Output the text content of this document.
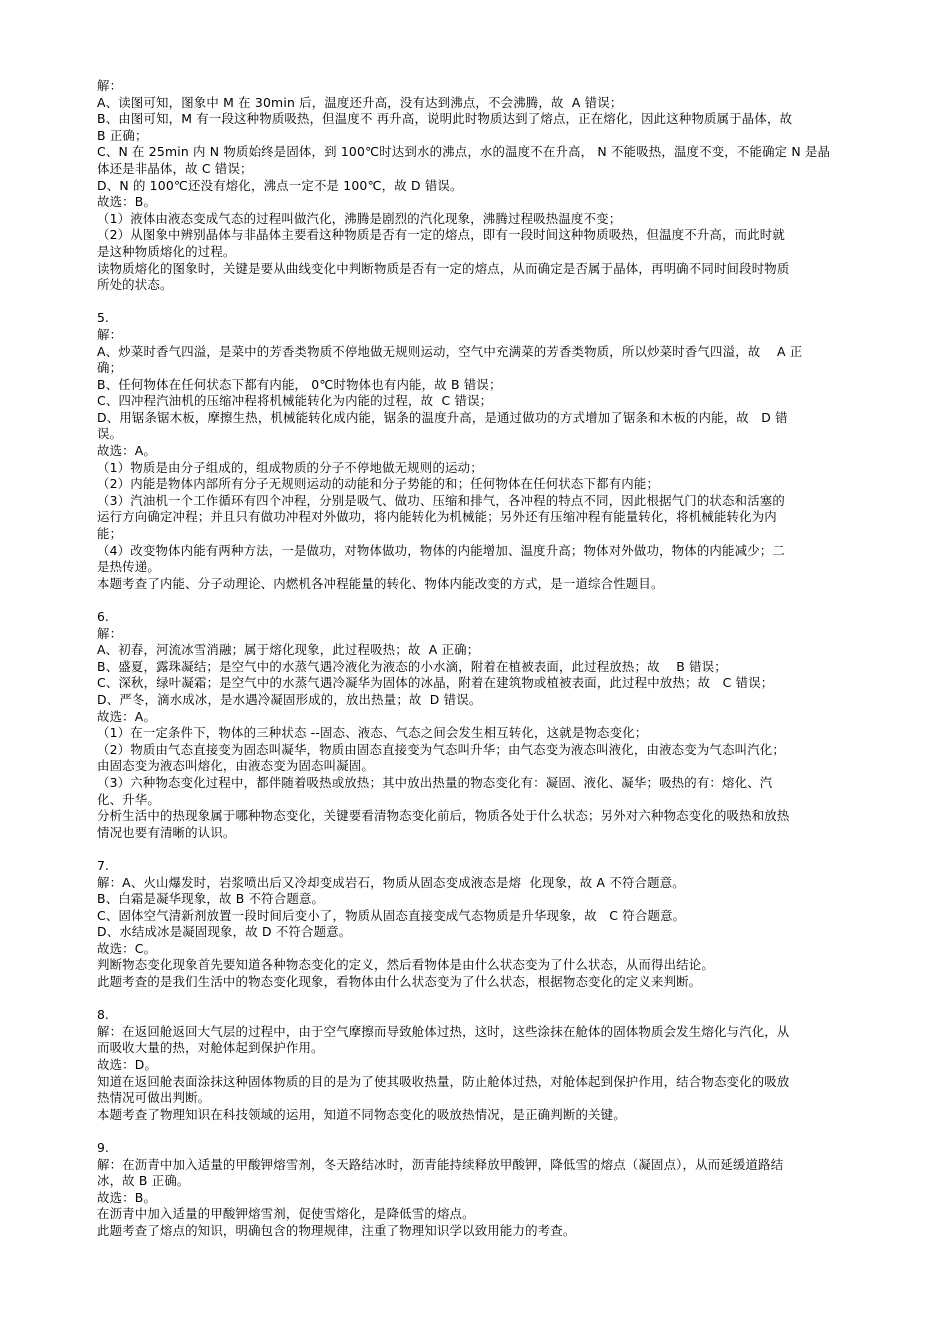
解：
A、读图可知，图象中 M 在 30min 后，温度还升高，没有达到沸点，不会沸腾，故  A 错误；
B、由图可知，M 有一段这种物质吸热，但温度不 再升高，说明此时物质达到了熔点，正在熔化，因此这种物质属于晶体，故
B 正确；
C、N 在 25min 内 N 物质始终是固体，到 100℃时达到水的沸点，水的温度不在升高， N 不能吸热，温度不变，不能确定 N 是晶
体还是非晶体，故 C 错误；
D、N 的 100℃还没有熔化，沸点一定不是 100℃，故 D 错误。
故选：B。
（1）液体由液态变成气态的过程叫做汽化，沸腾是剧烈的汽化现象，沸腾过程吸热温度不变；
（2）从图象中辨别晶体与非晶体主要看这种物质是否有一定的熔点，即有一段时间这种物质吸热，但温度不升高，而此时就
是这种物质熔化的过程。
读物质熔化的图象时，关键是要从曲线变化中判断物质是否有一定的熔点，从而确定是否属于晶体，再明确不同时间段时物质
所处的状态。
5.
解：
A、炒菜时香气四溢，是菜中的芳香类物质不停地做无规则运动，空气中充满菜的芳香类物质，所以炒菜时香气四溢，故    A 正
确；
B、任何物体在任何状态下都有内能， 0℃时物体也有内能，故 B 错误；
C、四冲程汽油机的压缩冲程将机械能转化为内能的过程，故  C 错误；
D、用锯条锯木板，摩擦生热，机械能转化成内能，锯条的温度升高，是通过做功的方式增加了锯条和木板的内能，故   D 错
误。
故选：A。
（1）物质是由分子组成的，组成物质的分子不停地做无规则的运动；
（2）内能是物体内部所有分子无规则运动的动能和分子势能的和；任何物体在任何状态下都有内能；
（3）汽油机一个工作循环有四个冲程，分别是吸气、做功、压缩和排气，各冲程的特点不同，因此根据气门的状态和活塞的
运行方向确定冲程；并且只有做功冲程对外做功，将内能转化为机械能；另外还有压缩冲程有能量转化，将机械能转化为内
能；
（4）改变物体内能有两种方法，一是做功，对物体做功，物体的内能增加、温度升高；物体对外做功，物体的内能减少；二
是热传递。
本题考查了内能、分子动理论、内燃机各冲程能量的转化、物体内能改变的方式，是一道综合性题目。
6.
解：
A、初春，河流冰雪消融；属于熔化现象，此过程吸热；故  A 正确；
B、盛夏，露珠凝结；是空气中的水蒸气遇冷液化为液态的小水滴，附着在植被表面，此过程放热；故    B 错误；
C、深秋，绿叶凝霜；是空气中的水蒸气遇冷凝华为固体的冰晶，附着在建筑物或植被表面，此过程中放热；故   C 错误；
D、严冬，滴水成冰，是水遇冷凝固形成的，放出热量；故  D 错误。
故选：A。
（1）在一定条件下，物体的三种状态 --固态、液态、气态之间会发生相互转化，这就是物态变化；
（2）物质由气态直接变为固态叫凝华，物质由固态直接变为气态叫升华；由气态变为液态叫液化，由液态变为气态叫汽化；
由固态变为液态叫熔化，由液态变为固态叫凝固。
（3）六种物态变化过程中，都伴随着吸热或放热；其中放出热量的物态变化有：凝固、液化、凝华；吸热的有：熔化、汽
化、升华。
分析生活中的热现象属于哪种物态变化，关键要看清物态变化前后，物质各处于什么状态；另外对六种物态变化的吸热和放热
情况也要有清晰的认识。
7.
解：A、火山爆发时，岩浆喷出后又冷却变成岩石，物质从固态变成液态是熔  化现象，故 A 不符合题意。
B、白霜是凝华现象，故 B 不符合题意。
C、固体空气清新剂放置一段时间后变小了，物质从固态直接变成气态物质是升华现象，故   C 符合题意。
D、水结成冰是凝固现象，故 D 不符合题意。
故选：C。
判断物态变化现象首先要知道各种物态变化的定义，然后看物体是由什么状态变为了什么状态，从而得出结论。
此题考查的是我们生活中的物态变化现象，看物体由什么状态变为了什么状态，根据物态变化的定义来判断。
8.
解：在返回舱返回大气层的过程中，由于空气摩擦而导致舱体过热，这时，这些涂抹在舱体的固体物质会发生熔化与汽化，从
而吸收大量的热，对舱体起到保护作用。
故选：D。
知道在返回舱表面涂抹这种固体物质的目的是为了使其吸收热量，防止舱体过热，对舱体起到保护作用，结合物态变化的吸放
热情况可做出判断。
本题考查了物理知识在科技领域的运用，知道不同物态变化的吸放热情况，是正确判断的关键。
9.
解：在沥青中加入适量的甲酸钾熔雪剂，冬天路结冰时，沥青能持续释放甲酸钾，降低雪的熔点（凝固点），从而延缓道路结
冰，故 B 正确。
故选：B。
在沥青中加入适量的甲酸钾熔雪剂，促使雪熔化，是降低雪的熔点。
此题考查了熔点的知识，明确包含的物理规律，注重了物理知识学以致用能力的考查。
